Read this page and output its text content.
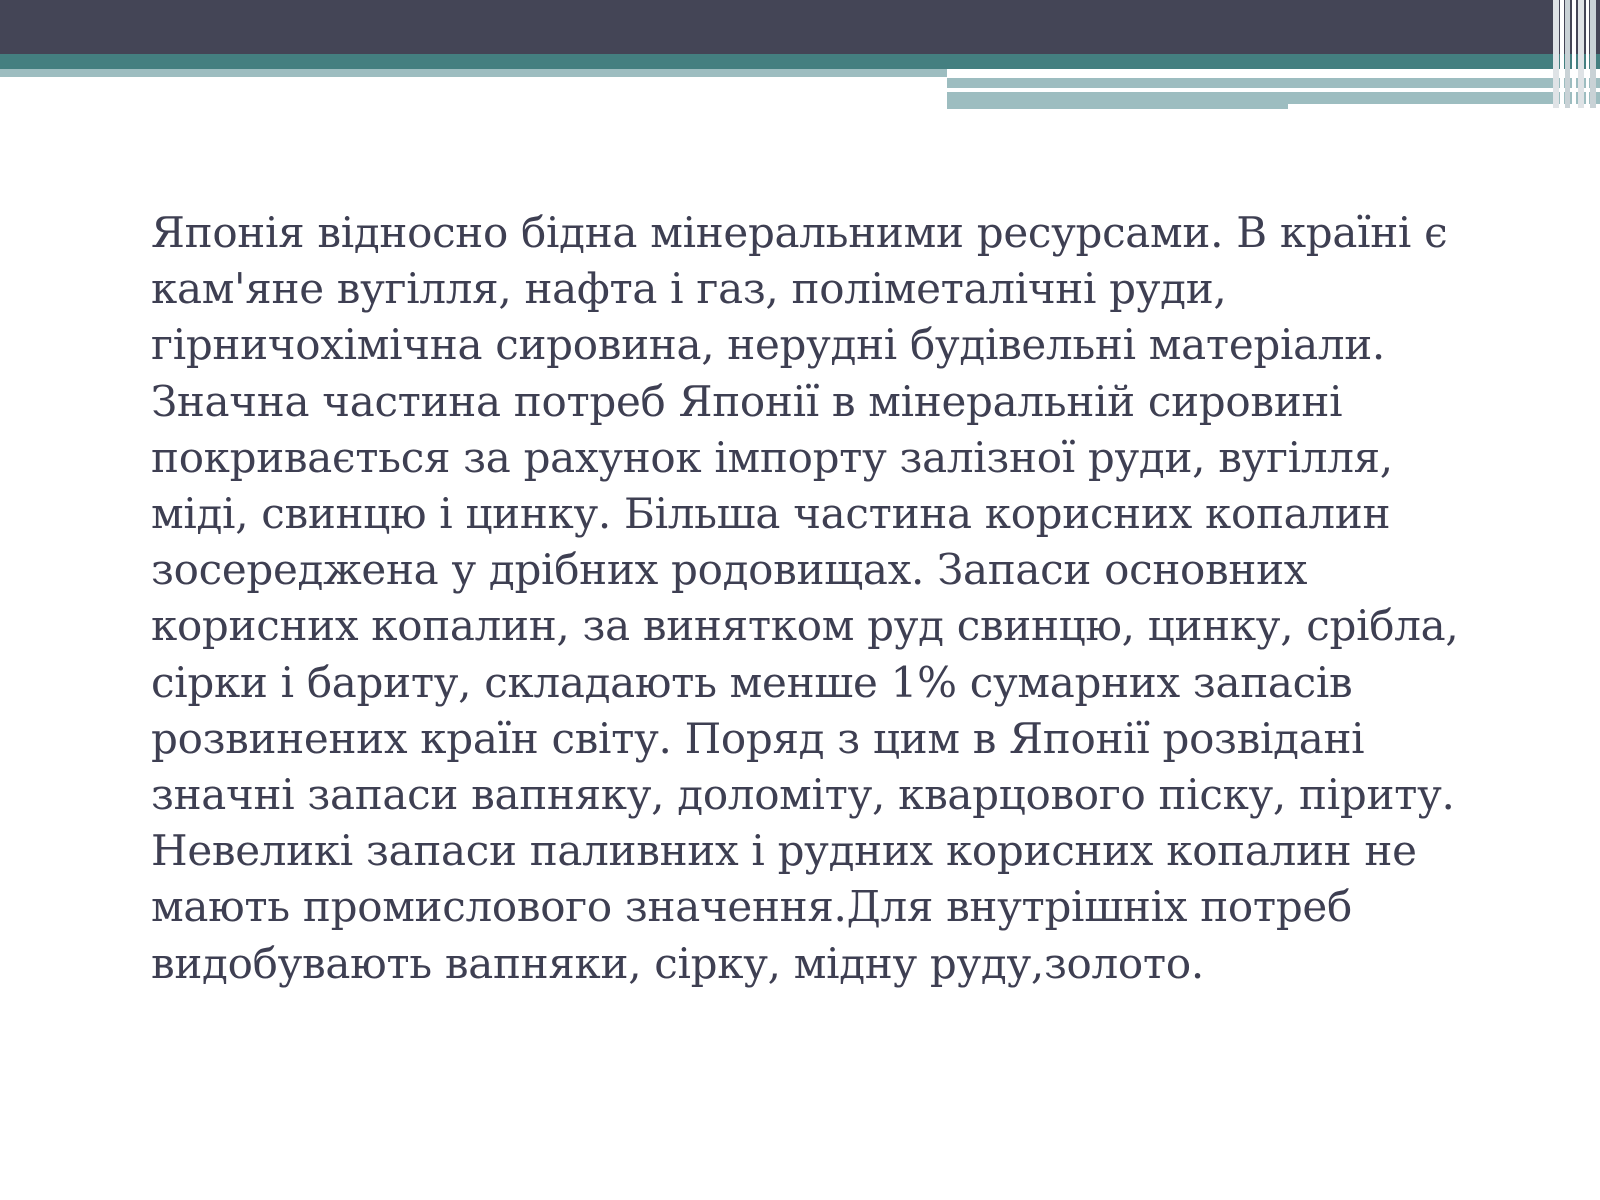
Японія відносно бідна мінеральними ресурсами. В країні є
кам'яне вугілля, нафта і газ, поліметалічні руди,
гірничохімічна сировина, нерудні будівельні матеріали.
Значна частина потреб Японії в мінеральній сировині
покривається за рахунок імпорту залізної руди, вугілля,
міді, свинцю і цинку. Більша частина корисних копалин
зосереджена у дрібних родовищах. Запаси основних
корисних копалин, за винятком руд свинцю, цинку, срібла,
сірки і бариту, складають менше 1% сумарних запасів
розвинених країн світу. Поряд з цим в Японії розвідані
значні запаси вапняку, доломіту, кварцового піску, піриту.
Невеликі запаси паливних і рудних корисних копалин не
мають промислового значення.Для внутрішніх потреб
видобувають вапняки, сірку, мідну руду,золото.
